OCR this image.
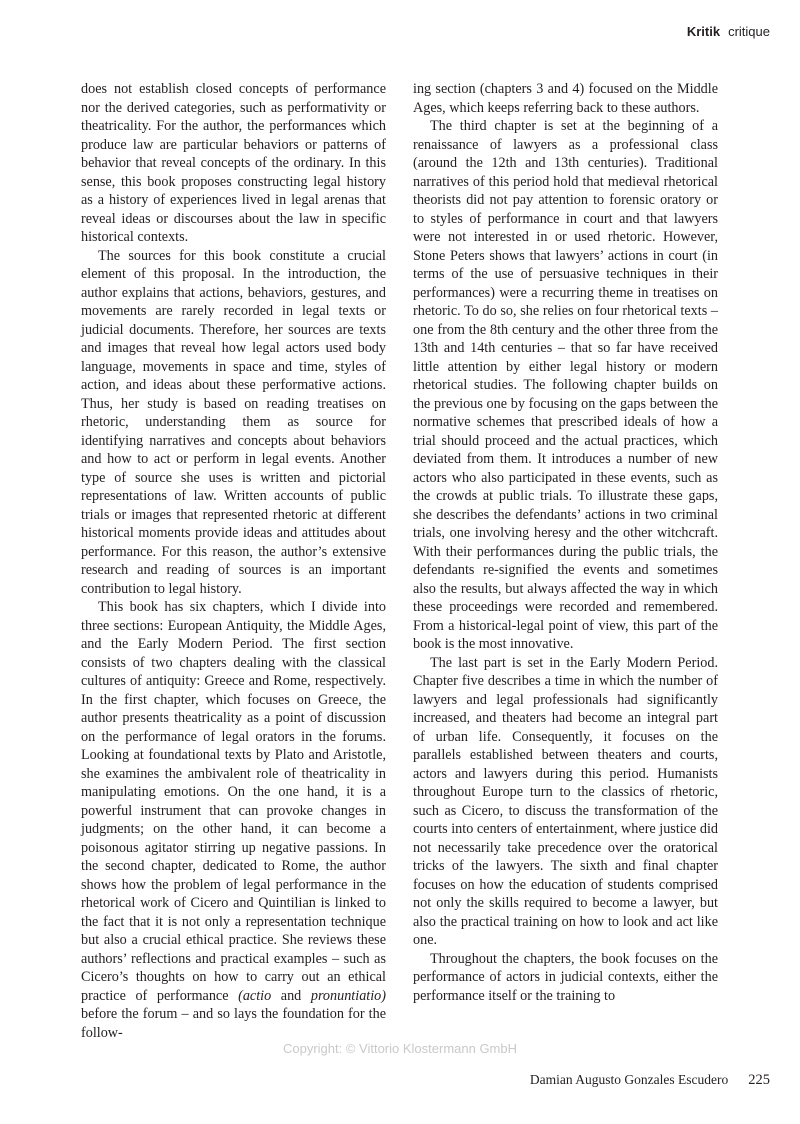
Kritik critique

does not establish closed concepts of performance nor the derived categories, such as performativity or theatricality. For the author, the performances which produce law are particular behaviors or patterns of behavior that reveal concepts of the ordinary. In this sense, this book proposes constructing legal history as a history of experiences lived in legal arenas that reveal ideas or discourses about the law in specific historical contexts.

The sources for this book constitute a crucial element of this proposal. In the introduction, the author explains that actions, behaviors, gestures, and movements are rarely recorded in legal texts or judicial documents. Therefore, her sources are texts and images that reveal how legal actors used body language, movements in space and time, styles of action, and ideas about these performative actions. Thus, her study is based on reading treatises on rhetoric, understanding them as source for identifying narratives and concepts about behaviors and how to act or perform in legal events. Another type of source she uses is written and pictorial representations of law. Written accounts of public trials or images that represented rhetoric at different historical moments provide ideas and attitudes about performance. For this reason, the author’s extensive research and reading of sources is an important contribution to legal history.

This book has six chapters, which I divide into three sections: European Antiquity, the Middle Ages, and the Early Modern Period. The first section consists of two chapters dealing with the classical cultures of antiquity: Greece and Rome, respectively. In the first chapter, which focuses on Greece, the author presents theatricality as a point of discussion on the performance of legal orators in the forums. Looking at foundational texts by Plato and Aristotle, she examines the ambivalent role of theatricality in manipulating emotions. On the one hand, it is a powerful instrument that can provoke changes in judgments; on the other hand, it can become a poisonous agitator stirring up negative passions. In the second chapter, dedicated to Rome, the author shows how the problem of legal performance in the rhetorical work of Cicero and Quintilian is linked to the fact that it is not only a representation technique but also a crucial ethical practice. She reviews these authors’ reflections and practical examples – such as Cicero’s thoughts on how to carry out an ethical practice of performance (actio and pronuntiatio) before the forum – and so lays the foundation for the follow-

ing section (chapters 3 and 4) focused on the Middle Ages, which keeps referring back to these authors.

The third chapter is set at the beginning of a renaissance of lawyers as a professional class (around the 12th and 13th centuries). Traditional narratives of this period hold that medieval rhetorical theorists did not pay attention to forensic oratory or to styles of performance in court and that lawyers were not interested in or used rhetoric. However, Stone Peters shows that lawyers’ actions in court (in terms of the use of persuasive techniques in their performances) were a recurring theme in treatises on rhetoric. To do so, she relies on four rhetorical texts – one from the 8th century and the other three from the 13th and 14th centuries – that so far have received little attention by either legal history or modern rhetorical studies. The following chapter builds on the previous one by focusing on the gaps between the normative schemes that prescribed ideals of how a trial should proceed and the actual practices, which deviated from them. It introduces a number of new actors who also participated in these events, such as the crowds at public trials. To illustrate these gaps, she describes the defendants’ actions in two criminal trials, one involving heresy and the other witchcraft. With their performances during the public trials, the defendants re-signified the events and sometimes also the results, but always affected the way in which these proceedings were recorded and remembered. From a historical-legal point of view, this part of the book is the most innovative.

The last part is set in the Early Modern Period. Chapter five describes a time in which the number of lawyers and legal professionals had significantly increased, and theaters had become an integral part of urban life. Consequently, it focuses on the parallels established between theaters and courts, actors and lawyers during this period. Humanists throughout Europe turn to the classics of rhetoric, such as Cicero, to discuss the transformation of the courts into centers of entertainment, where justice did not necessarily take precedence over the oratorical tricks of the lawyers. The sixth and final chapter focuses on how the education of students comprised not only the skills required to become a lawyer, but also the practical training on how to look and act like one.

Throughout the chapters, the book focuses on the performance of actors in judicial contexts, either the performance itself or the training to

Copyright: © Vittorio Klostermann GmbH
Damian Augusto Gonzales Escudero 225
